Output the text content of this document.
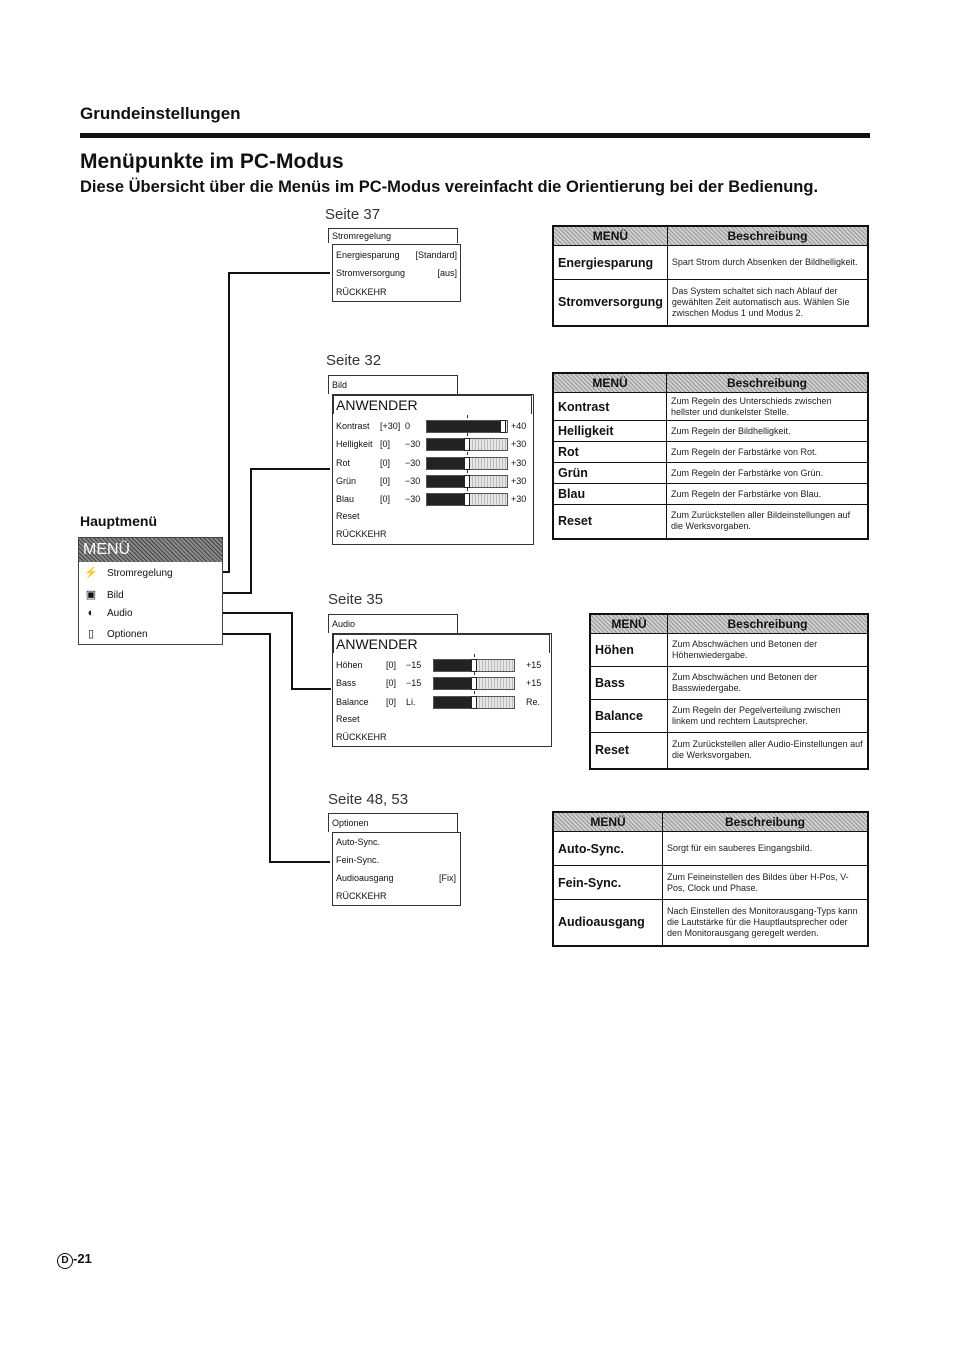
Grundeinstellungen
Menüpunkte im PC-Modus
Diese Übersicht über die Menüs im PC-Modus vereinfacht die Orientierung bei der Bedienung.
Hauptmenü
MENÜ
⚡ Stromregelung
▣ Bild
◐ Audio
▯ Optionen
Seite 37
Stromregelung
Energiesparung [Standard]
Stromversorgung	[aus]
RÜCKKEHR
MENÜ	Beschreibung
Energiesparung	Spart Strom durch Absenken der Bildhelligkeit.
Stromversorgung	Das System schaltet sich nach Ablauf der gewählten Zeit automatisch aus. Wählen Sie zwischen Modus 1 und Modus 2.
Seite 32
Bild
ANWENDER
Kontrast [+30] 0	+40
Helligkeit [0] −30	+30
Rot	[0] −30	+30
Grün	[0] −30	+30
Blau	[0] −30	+30
Reset
RÜCKKEHR
MENÜ	Beschreibung
Kontrast	Zum Regeln des Unterschieds zwischen hellster und dunkelster Stelle.
Helligkeit	Zum Regeln der Bildhelligkeit.
Rot	Zum Regeln der Farbstärke von Rot.
Grün	Zum Regeln der Farbstärke von Grün.
Blau	Zum Regeln der Farbstärke von Blau.
Reset	Zum Zurückstellen aller Bildeinstellungen auf die Werksvorgaben.
Seite 35
Audio
ANWENDER
Höhen	[0] −15	+15
Bass	[0] −15	+15
Balance [0] Li.	Re.
Reset
RÜCKKEHR
MENÜ	Beschreibung
Höhen	Zum Abschwächen und Betonen der Höhenwiedergabe.
Bass	Zum Abschwächen und Betonen der Basswiedergabe.
Balance	Zum Regeln der Pegelverteilung zwischen linkem und rechtem Lautsprecher.
Reset	Zum Zurückstellen aller Audio-Einstellungen auf die Werksvorgaben.
Seite 48, 53
Optionen
Auto-Sync.
Fein-Sync.
Audioausgang	[Fix]
RÜCKKEHR
MENÜ	Beschreibung
Auto-Sync.	Sorgt für ein sauberes Eingangsbild.
Fein-Sync.	Zum Feineinstellen des Bildes über H-Pos, V-Pos, Clock und Phase.
Audioausgang	Nach Einstellen des Monitorausgang-Typs kann die Lautstärke für die Hauptlautsprecher oder den Monitorausgang geregelt werden.
D -21
